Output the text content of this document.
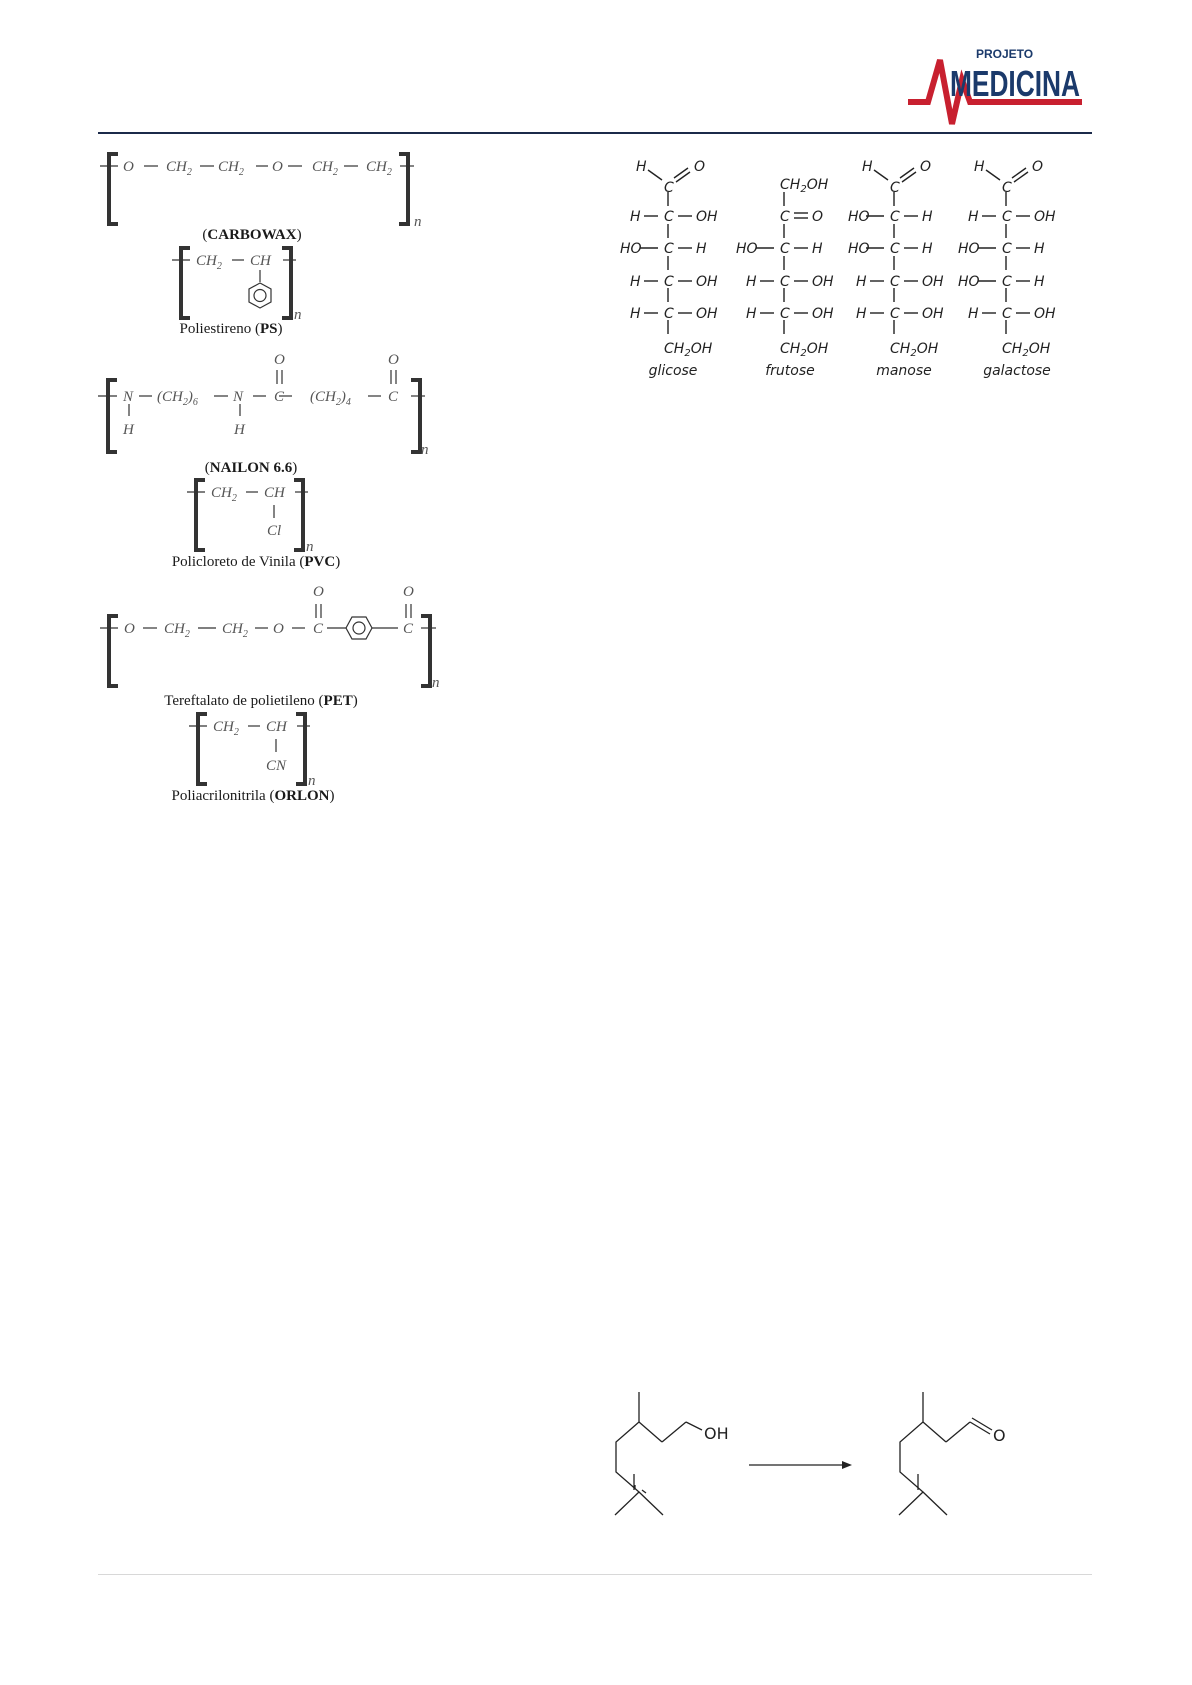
PROJETO
MEDICINA
O $CH_2$ $CH_2$ O $CH_2$ $CH_2$
n
$CH_2$ CH
n
N
H
$(CH_2)_6$ N
H
C
O
$(CH_2)_4$ C
O
n
$CH_2$ CH
Cl
n
O $CH_2$ $CH_2$ O C
O
C
O
n
$CH_2$ CH
CN
n
(CARBOWAX)
Poliestireno (PS)
(NAILON 6.6)
Policloreto de Vinila (PVC)
Tereftalato de polietileno (PET)
Poliacrilonitrila (ORLON)
H	O
C
H C OH
HO C H
H C OH
H C OH
$CH_2OH$
$CH_2OH$
C O
HO C H
H C OH
H C OH
$CH_2OH$
H	O
C
HO C H
HO C H
H C OH
H C OH
$CH_2OH$
H	O
C
H C OH
HO C H
HO C H
H C OH
$CH_2OH$
glicose	frutose	manose	galactose
OH	O
